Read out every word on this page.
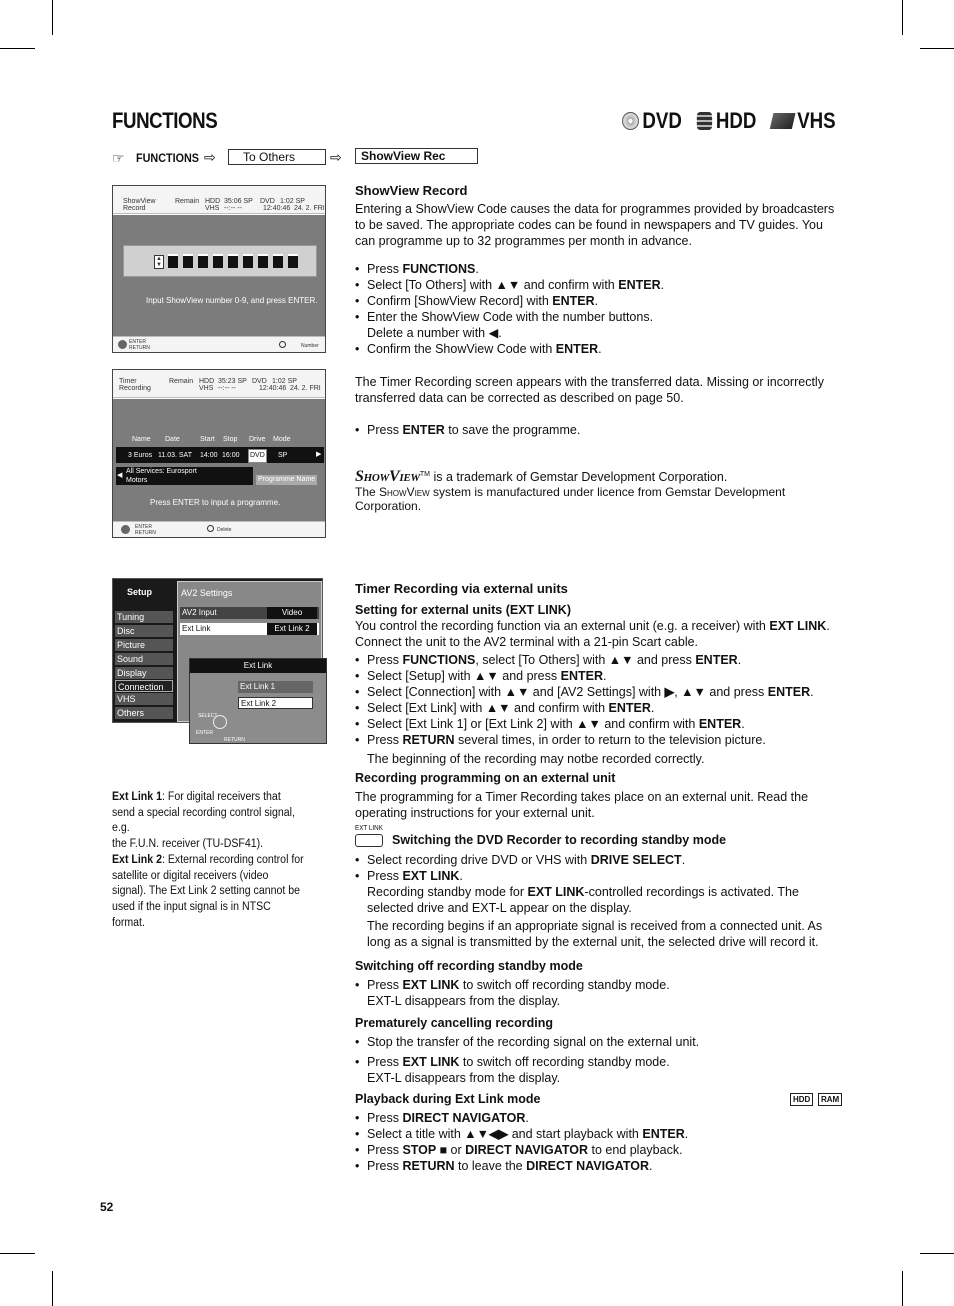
FUNCTIONS	DVD HDD VHS
☞ FUNCTIONS ⇨	⇨
To Others	ShowView Rec
ShowView
Record
Remain HDD 35:06 SP
VHS --:-- --
DVD 1:02 SP
12:40:46 24. 2. FRI
▲
▼
Input ShowView number 0-9, and press ENTER.
ENTER
RETURN	Number
Timer
Recording
Remain HDD 35:23 SP
VHS --:-- --
DVD 1:02 SP
12:40:46 24. 2. FRI
Name Date	Start Stop Drive Mode
3 Euros 11.03. SAT 14:00 16:00 DVD SP	▶
◀
All Services: Eurosport
Motors	Programme Name
Press ENTER to input a programme.
ENTER
RETURN	Delete
Setup
Tuning
Disc
Picture
Sound
Display
Connection
VHS
Others
AV2 Settings
AV2 Input	Video
Ext Link	Ext Link 2
Ext Link
Ext Link 1
Ext Link 2
SELECT
ENTER
RETURN
ShowView Record

Entering a ShowView Code causes the data for programmes provided by broadcasters to be saved. The appropriate codes can be found in newspapers and TV guides. You can programme up to 32 programmes per month in advance.

• Press FUNCTIONS.
• Select [To Others] with ▲▼ and confirm with ENTER.
• Confirm [ShowView Record] with ENTER.
• Enter the ShowView Code with the number buttons.
Delete a number with ◀.
• Confirm the ShowView Code with ENTER.

The Timer Recording screen appears with the transferred data. Missing or incorrectly transferred data can be corrected as described on page 50.

• Press ENTER to save the programme.
ShowView™ is a trademark of Gemstar Development Corporation.

The ShowView system is manufactured under licence from Gemstar Development Corporation.

Timer Recording via external units
Setting for external units (EXT LINK)

You control the recording function via an external unit (e.g. a receiver) with EXT LINK. Connect the unit to the AV2 terminal with a 21-pin Scart cable.

• Press FUNCTIONS, select [To Others] with ▲▼ and press ENTER.
• Select [Setup] with ▲▼ and press ENTER.
• Select [Connection] with ▲▼ and [AV2 Settings] with ▶, ▲▼ and press ENTER.
• Select [Ext Link] with ▲▼ and confirm with ENTER.
• Select [Ext Link 1] or [Ext Link 2] with ▲▼ and confirm with ENTER.
• Press RETURN several times, in order to return to the television picture.

The beginning of the recording may notbe recorded correctly.

Recording programming on an external unit

The programming for a Timer Recording takes place on an external unit. Read the operating instructions for your external unit.

EXT LINK
Switching the DVD Recorder to recording standby mode
• Select recording drive DVD or VHS with DRIVE SELECT.
• Press EXT LINK.
Recording standby mode for EXT LINK-controlled recordings is activated. The selected drive and EXT-L appear on the display.

The recording begins if an appropriate signal is received from a connected unit. As long as a signal is transmitted by the external unit, the selected drive will record it.

Switching off recording standby mode
• Press EXT LINK to switch off recording standby mode.
EXT-L disappears from the display.
Prematurely cancelling recording
• Stop the transfer of the recording signal on the external unit.
• Press EXT LINK to switch off recording standby mode.
EXT-L disappears from the display.
Playback during Ext Link mode	HDD	RAM
• Press DIRECT NAVIGATOR.
• Select a title with ▲▼◀▶ and start playback with ENTER.
• Press STOP ■ or DIRECT NAVIGATOR to end playback.
• Press RETURN to leave the DIRECT NAVIGATOR.

Ext Link 1: For digital receivers that send a special recording control signal, e.g.
the F.U.N. receiver (TU-DSF41).
Ext Link 2: External recording control for satellite or digital receivers (video signal). The Ext Link 2 setting cannot be used if the input signal is in NTSC format.

52
